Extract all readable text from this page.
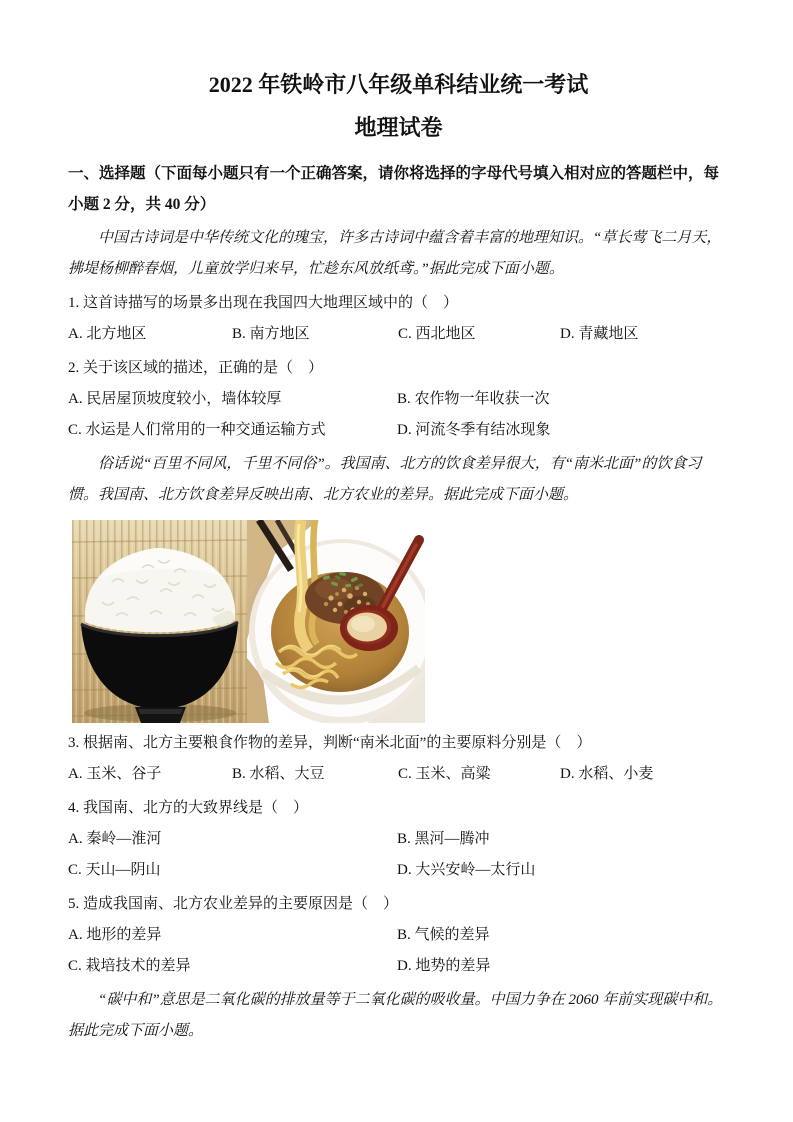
2022 年铁岭市八年级单科结业统一考试
地理试卷

一、选择题（下面每小题只有一个正确答案，请你将选择的字母代号填入相对应的答题栏中，每小题 2 分，共 40 分）

中国古诗词是中华传统文化的瑰宝，许多古诗词中蕴含着丰富的地理知识。“草长莺飞二月天，拂堤杨柳醉春烟，儿童放学归来早，忙趁东风放纸鸢。”据此完成下面小题。

1. 这首诗描写的场景多出现在我国四大地理区域中的（　）

A. 北方地区	B. 南方地区	C. 西北地区	D. 青藏地区

2. 关于该区域的描述，正确的是（　）

A. 民居屋顶坡度较小，墙体较厚	B. 农作物一年收获一次
C. 水运是人们常用的一种交通运输方式	D. 河流冬季有结冰现象

俗话说“百里不同风，千里不同俗”。我国南、北方的饮食差异很大，有“南米北面”的饮食习惯。我国南、北方饮食差异反映出南、北方农业的差异。据此完成下面小题。

3. 根据南、北方主要粮食作物的差异，判断“南米北面”的主要原料分别是（　）

A. 玉米、谷子	B. 水稻、大豆	C. 玉米、高粱	D. 水稻、小麦

4. 我国南、北方的大致界线是（　）

A. 秦岭—淮河	B. 黑河—腾冲
C. 天山—阴山	D. 大兴安岭—太行山

5. 造成我国南、北方农业差异的主要原因是（　）

A. 地形的差异	B. 气候的差异
C. 栽培技术的差异	D. 地势的差异

“碳中和”意思是二氧化碳的排放量等于二氧化碳的吸收量。中国力争在 2060 年前实现碳中和。据此完成下面小题。
